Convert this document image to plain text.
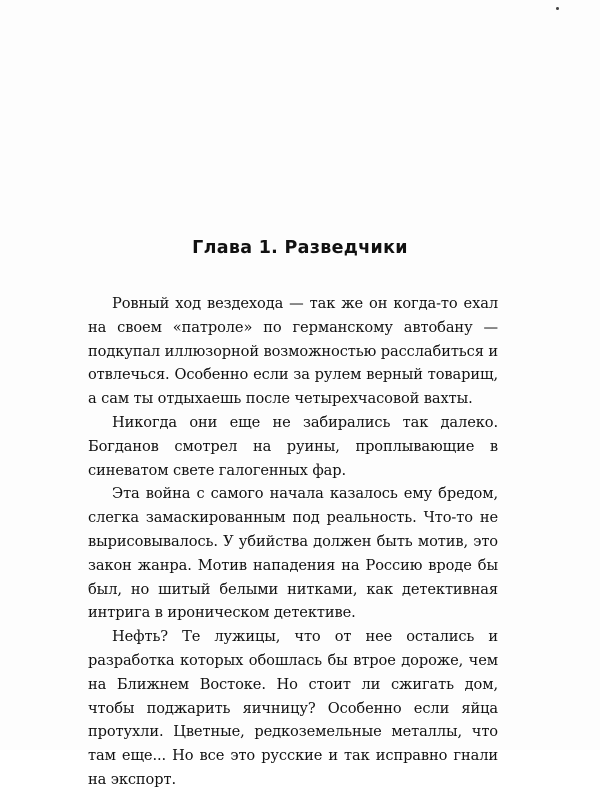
Глава 1. Разведчики

Ровный ход вездехода — так же он когда-то ехал на своем «патроле» по германскому автобану — подкупал иллюзорной возможностью расслабиться и отвлечься. Особенно если за рулем верный товарищ, а сам ты отдыхаешь после четырехчасовой вахты.

Никогда они еще не забирались так далеко. Богданов смотрел на руины, проплывающие в синеватом свете галогенных фар.

Эта война с самого начала казалось ему бредом, слегка замаскированным под реальность. Что-то не вырисовывалось. У убийства должен быть мотив, это закон жанра. Мотив нападения на Россию вроде бы был, но шитый белыми нитками, как детективная интрига в ироническом детективе.

Нефть? Те лужицы, что от нее остались и разработка которых обошлась бы втрое дороже, чем на Ближнем Востоке. Но стоит ли сжигать дом, чтобы поджарить яичницу? Особенно если яйца протухли. Цветные, редкоземельные металлы, что там еще... Но все это русские и так исправно гнали на экспорт.
